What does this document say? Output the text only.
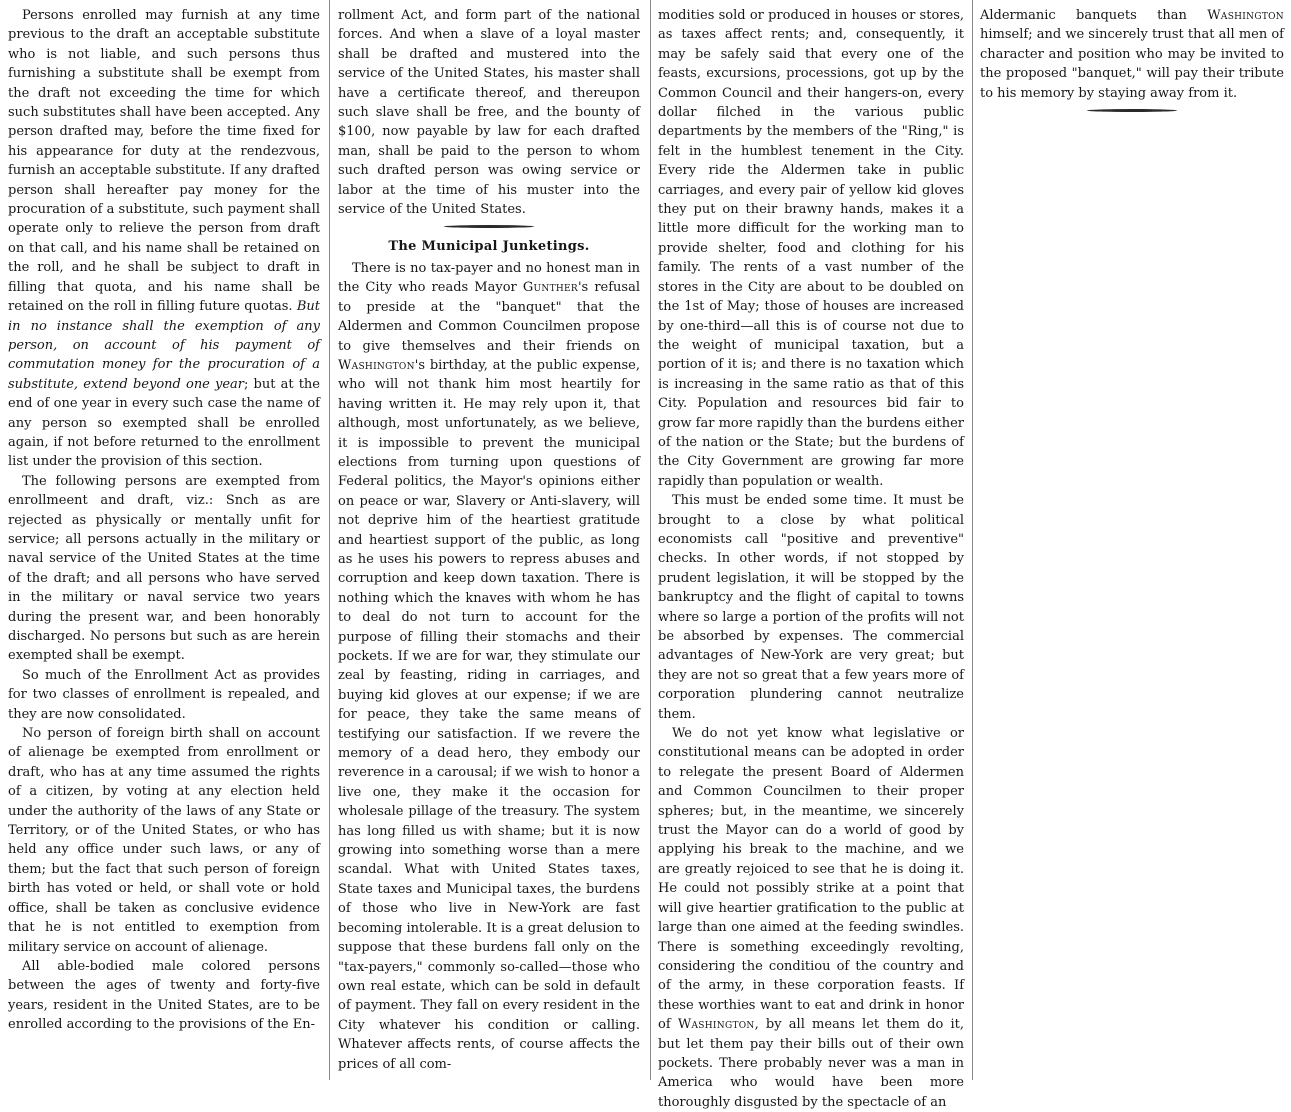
Persons enrolled may furnish at any time previous to the draft an acceptable substitute who is not liable, and such persons thus furnishing a substitute shall be exempt from the draft not exceeding the time for which such substitutes shall have been accepted. Any person drafted may, before the time fixed for his appearance for duty at the rendezvous, furnish an acceptable substitute. If any drafted person shall hereafter pay money for the procuration of a substitute, such payment shall operate only to relieve the person from draft on that call, and his name shall be retained on the roll, and he shall be subject to draft in filling that quota, and his name shall be retained on the roll in filling future quotas. But in no instance shall the exemption of any person, on account of his payment of commutation money for the procuration of a substitute, extend beyond one year; but at the end of one year in every such case the name of any person so exempted shall be enrolled again, if not before returned to the enrollment list under the provision of this section.

The following persons are exempted from enrollmeent and draft, viz.: Snch as are rejected as physically or mentally unfit for service; all persons actually in the military or naval service of the United States at the time of the draft; and all persons who have served in the military or naval service two years during the present war, and been honorably discharged. No persons but such as are herein exempted shall be exempt.

So much of the Enrollment Act as provides for two classes of enrollment is repealed, and they are now consolidated.

No person of foreign birth shall on account of alienage be exempted from enrollment or draft, who has at any time assumed the rights of a citizen, by voting at any election held under the authority of the laws of any State or Territory, or of the United States, or who has held any office under such laws, or any of them; but the fact that such person of foreign birth has voted or held, or shall vote or hold office, shall be taken as conclusive evidence that he is not entitled to exemption from military service on account of alienage.

All able-bodied male colored persons between the ages of twenty and forty-five years, resident in the United States, are to be enrolled according to the provisions of the En-

rollment Act, and form part of the national forces. And when a slave of a loyal master shall be drafted and mustered into the service of the United States, his master shall have a certificate thereof, and thereupon such slave shall be free, and the bounty of $100, now payable by law for each drafted man, shall be paid to the person to whom such drafted person was owing service or labor at the time of his muster into the service of the United States.

The Municipal Junketings.

There is no tax-payer and no honest man in the City who reads Mayor Gunther's refusal to preside at the "banquet" that the Aldermen and Common Councilmen propose to give themselves and their friends on Washington's birthday, at the public expense, who will not thank him most heartily for having written it. He may rely upon it, that although, most unfortunately, as we believe, it is impossible to prevent the municipal elections from turning upon questions of Federal politics, the Mayor's opinions either on peace or war, Slavery or Anti-slavery, will not deprive him of the heartiest gratitude and heartiest support of the public, as long as he uses his powers to repress abuses and corruption and keep down taxation. There is nothing which the knaves with whom he has to deal do not turn to account for the purpose of filling their stomachs and their pockets. If we are for war, they stimulate our zeal by feasting, riding in carriages, and buying kid gloves at our expense; if we are for peace, they take the same means of testifying our satisfaction. If we revere the memory of a dead hero, they embody our reverence in a carousal; if we wish to honor a live one, they make it the occasion for wholesale pillage of the treasury. The system has long filled us with shame; but it is now growing into something worse than a mere scandal. What with United States taxes, State taxes and Municipal taxes, the burdens of those who live in New-York are fast becoming intolerable. It is a great delusion to suppose that these burdens fall only on the "tax-payers," commonly so-called—those who own real estate, which can be sold in default of payment. They fall on every resident in the City whatever his condition or calling. Whatever affects rents, of course affects the prices of all com-

modities sold or produced in houses or stores, as taxes affect rents; and, consequently, it may be safely said that every one of the feasts, excursions, processions, got up by the Common Council and their hangers-on, every dollar filched in the various public departments by the members of the "Ring," is felt in the humblest tenement in the City. Every ride the Aldermen take in public carriages, and every pair of yellow kid gloves they put on their brawny hands, makes it a little more difficult for the working man to provide shelter, food and clothing for his family. The rents of a vast number of the stores in the City are about to be doubled on the 1st of May; those of houses are increased by one-third—all this is of course not due to the weight of municipal taxation, but a portion of it is; and there is no taxation which is increasing in the same ratio as that of this City. Population and resources bid fair to grow far more rapidly than the burdens either of the nation or the State; but the burdens of the City Government are growing far more rapidly than population or wealth.

This must be ended some time. It must be brought to a close by what political economists call "positive and preventive" checks. In other words, if not stopped by prudent legislation, it will be stopped by the bankruptcy and the flight of capital to towns where so large a portion of the profits will not be absorbed by expenses. The commercial advantages of New-York are very great; but they are not so great that a few years more of corporation plundering cannot neutralize them.

We do not yet know what legislative or constitutional means can be adopted in order to relegate the present Board of Aldermen and Common Councilmen to their proper spheres; but, in the meantime, we sincerely trust the Mayor can do a world of good by applying his break to the machine, and we are greatly rejoiced to see that he is doing it. He could not possibly strike at a point that will give heartier gratification to the public at large than one aimed at the feeding swindles. There is something exceedingly revolting, considering the conditiou of the country and of the army, in these corporation feasts. If these worthies want to eat and drink in honor of Washington, by all means let them do it, but let them pay their bills out of their own pockets. There probably never was a man in America who would have been more thoroughly disgusted by the spectacle of an

Aldermanic banquets than Washington himself; and we sincerely trust that all men of character and position who may be invited to the proposed "banquet," will pay their tribute to his memory by staying away from it.
